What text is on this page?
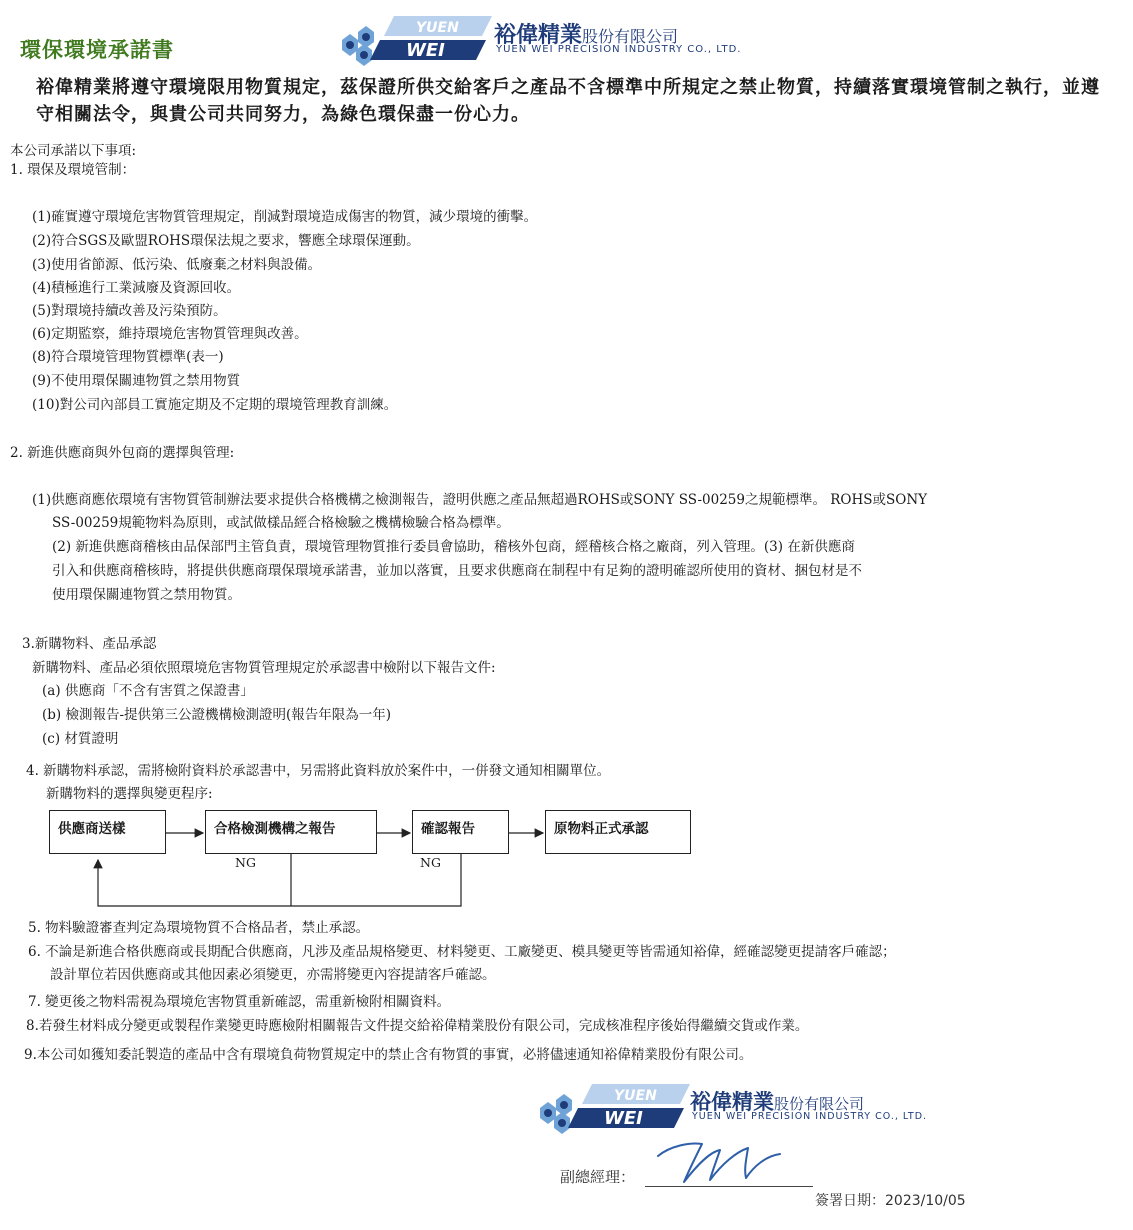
環保環境承諾書	WEI
YUEN 裕偉精業股份有限公司
YUEN WEI PRECISION INDUSTRY CO., LTD.
裕偉精業將遵守環境限用物質規定，茲保證所供交給客戶之產品不含標準中所規定之禁止物質，持續落實環境管制之執行，並遵守相關法令，與貴公司共同努力，為綠色環保盡一份心力。
本公司承諾以下事項:
1. 環保及環境管制：
(1)確實遵守環境危害物質管理規定，削減對環境造成傷害的物質，減少環境的衝擊。
(2)符合SGS及歐盟ROHS環保法規之要求，響應全球環保運動。
(3)使用省節源、低污染、低廢棄之材料與設備。
(4)積極進行工業減廢及資源回收。
(5)對環境持續改善及污染預防。
(6)定期監察，維持環境危害物質管理與改善。
(8)符合環境管理物質標準(表一)
(9)不使用環保關連物質之禁用物質
(10)對公司內部員工實施定期及不定期的環境管理教育訓練。
2. 新進供應商與外包商的選擇與管理:
(1)供應商應依環境有害物質管制辦法要求提供合格機構之檢測報告，證明供應之產品無超過ROHS或SONY SS-00259之規範標準。 ROHS或SONY
SS-00259規範物料為原則，或試做樣品經合格檢驗之機構檢驗合格為標準。
(2) 新進供應商稽核由品保部門主管負責，環境管理物質推行委員會協助，稽核外包商，經稽核合格之廠商，列入管理。(3) 在新供應商
引入和供應商稽核時，將提供供應商環保環境承諾書，並加以落實，且要求供應商在制程中有足夠的證明確認所使用的資材、捆包材是不
使用環保關連物質之禁用物質。
3.新購物料、產品承認
新購物料、產品必須依照環境危害物質管理規定於承認書中檢附以下報告文件:
(a) 供應商「不含有害質之保證書」
(b) 檢測報告-提供第三公證機構檢測證明(報告年限為一年)
(c) 材質證明
4. 新購物料承認，需將檢附資料於承認書中，另需將此資料放於案件中，一併發文通知相關單位。
新購物料的選擇與變更程序:
供應商送樣	合格檢測機構之報告	確認報告	原物料正式承認
NG	NG
5. 物料驗證審查判定為環境物質不合格品者，禁止承認。
6. 不論是新進合格供應商或長期配合供應商，凡涉及產品規格變更、材料變更、工廠變更、模具變更等皆需通知裕偉，經確認變更提請客戶確認；
設計單位若因供應商或其他因素必須變更，亦需將變更內容提請客戶確認。
7. 變更後之物料需視為環境危害物質重新確認，需重新檢附相關資料。
8.若發生材料成分變更或製程作業變更時應檢附相關報告文件提交給裕偉精業股份有限公司，完成核准程序後始得繼續交貨或作業。
9.本公司如獲知委託製造的產品中含有環境負荷物質規定中的禁止含有物質的事實，必將儘速通知裕偉精業股份有限公司。
WEI
YUEN 裕偉精業股份有限公司
YUEN WEI PRECISION INDUSTRY CO., LTD.
副總經理：
簽署日期：2023/10/05
